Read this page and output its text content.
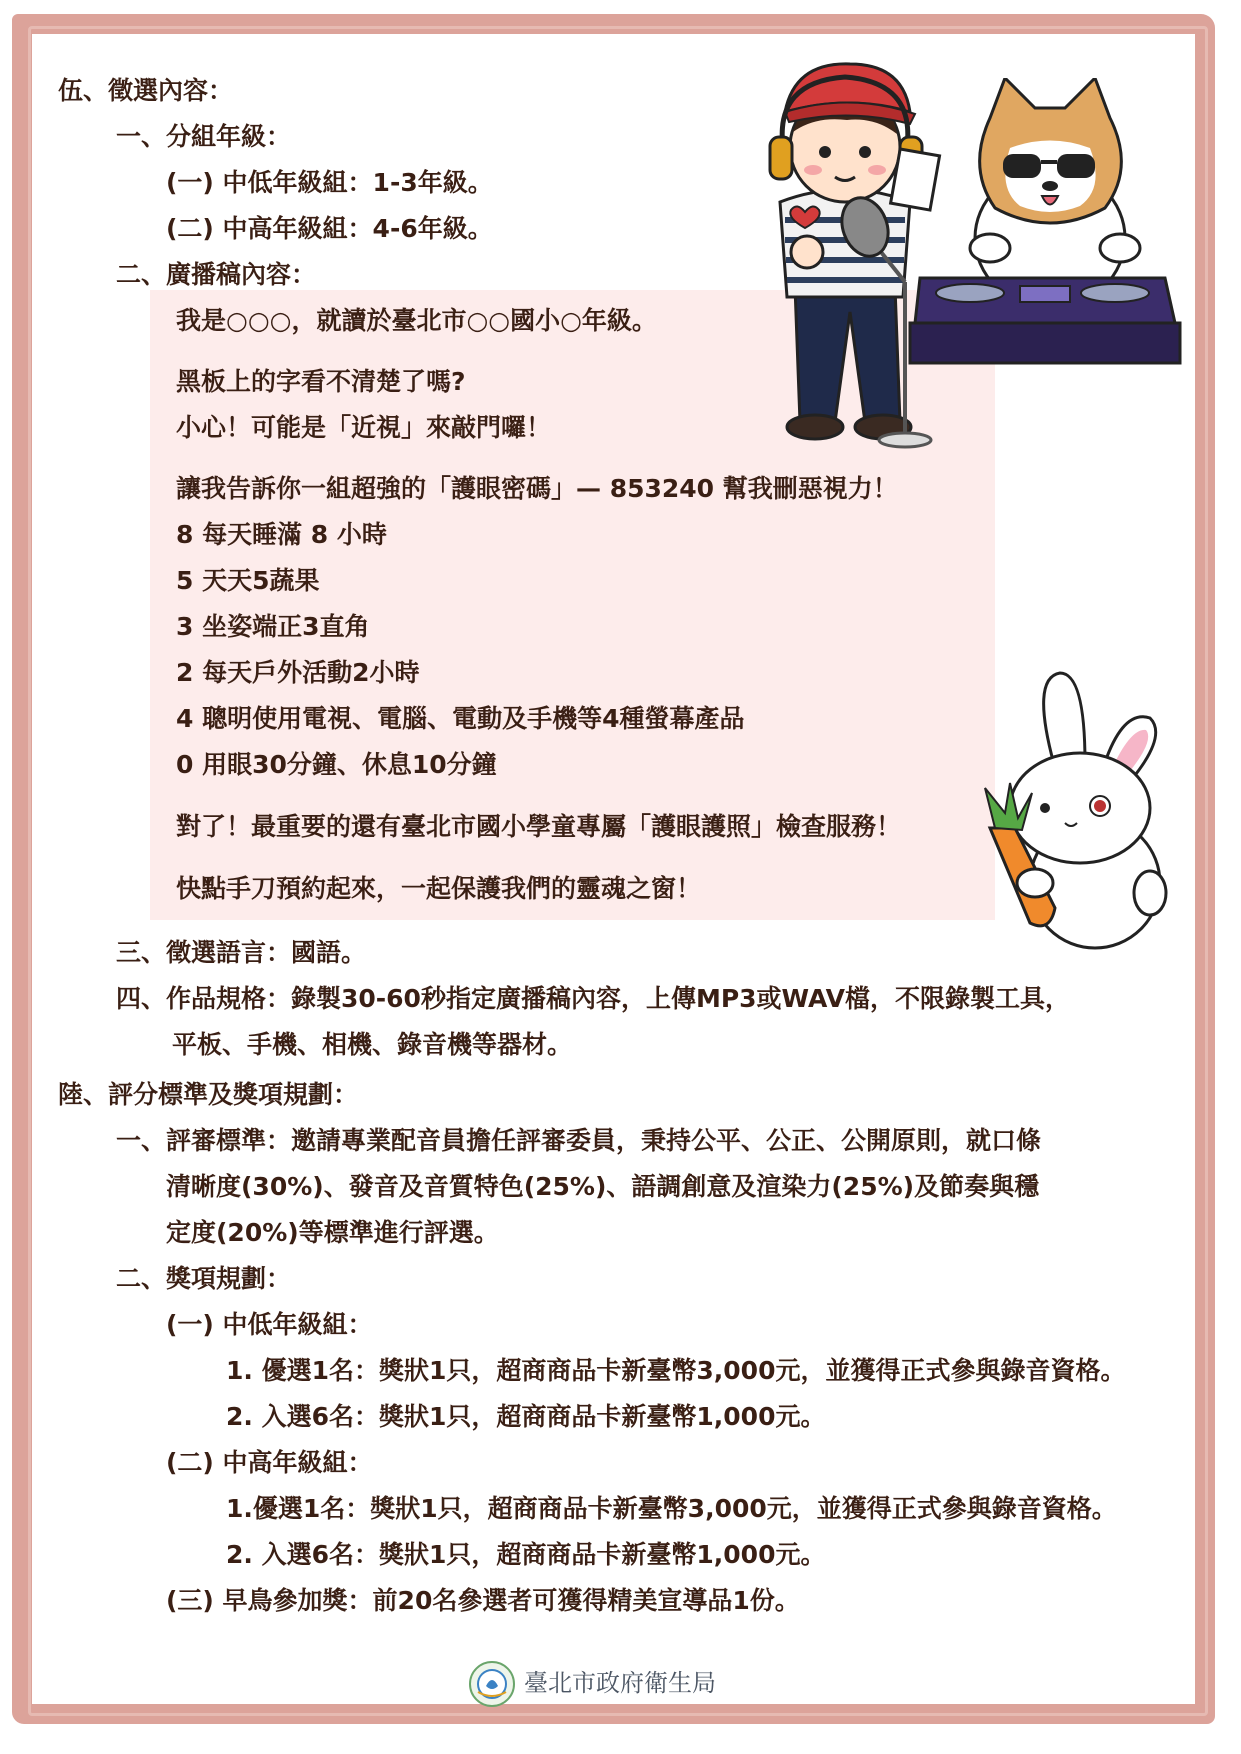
伍、徵選內容：
一、分組年級：
(一) 中低年級組：1-3年級。
(二) 中高年級組：4-6年級。
二、廣播稿內容：
我是○○○，就讀於臺北市○○國小○年級。
黑板上的字看不清楚了嗎?
小心！可能是「近視」來敲門囉！
讓我告訴你一組超強的「護眼密碼」— 853240 幫我刪惡視力！
8 每天睡滿 8 小時
5 天天5蔬果
3 坐姿端正3直角
2 每天戶外活動2小時
4 聰明使用電視、電腦、電動及手機等4種螢幕產品
0 用眼30分鐘、休息10分鐘
對了！最重要的還有臺北市國小學童專屬「護眼護照」檢查服務！
快點手刀預約起來，一起保護我們的靈魂之窗！
三、徵選語言：國語。
四、作品規格：錄製30-60秒指定廣播稿內容，上傳MP3或WAV檔，不限錄製工具，
平板、手機、相機、錄音機等器材。
陸、評分標準及獎項規劃：
一、評審標準：邀請專業配音員擔任評審委員，秉持公平、公正、公開原則，就口條
清晰度(30%)、發音及音質特色(25%)、語調創意及渲染力(25%)及節奏與穩
定度(20%)等標準進行評選。
二、獎項規劃：
(一) 中低年級組：
1. 優選1名：獎狀1只，超商商品卡新臺幣3,000元，並獲得正式參與錄音資格。
2. 入選6名：獎狀1只，超商商品卡新臺幣1,000元。
(二) 中高年級組：
1.優選1名：獎狀1只，超商商品卡新臺幣3,000元，並獲得正式參與錄音資格。
2. 入選6名：獎狀1只，超商商品卡新臺幣1,000元。
(三) 早鳥參加獎：前20名參選者可獲得精美宣導品1份。
臺北市政府衛生局
